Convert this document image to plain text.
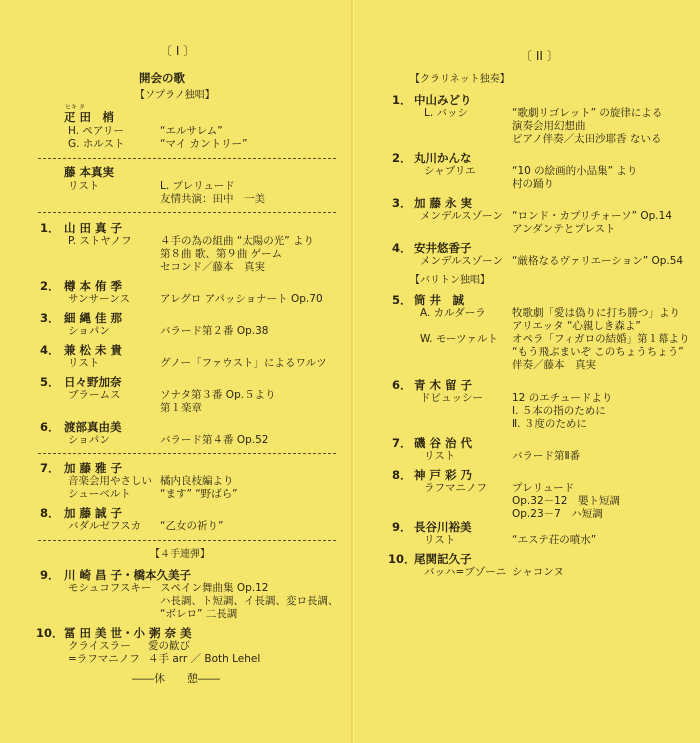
〔 I 〕
開会の歌
【ソプラノ独唱】
ヒキ タ
疋 田　梢
H. ペアリー	“エルサレム”
G. ホルスト	“マイ カントリー”
藤 本真実
リスト	L. プレリュード
友情共演：田中　一美
1． 山 田 真 子
P. ストヤノフ	４手の為の組曲 “太陽の光” より
第８曲 歌、第９曲 ゲーム
セコンド／藤本　真実
2． 樽 本 侑 季
サンサーンス	アレグロ アパッショナート Op.70
3． 細 縄 佳 那
ショパン	バラード第２番 Op.38
4． 兼 松 未 貴
リスト	グノー「ファウスト」によるワルツ
5． 日々野加奈
ブラームス	ソナタ第３番 Op.５より
第１楽章
6． 渡部真由美
ショパン	バラード第４番 Op.52
7． 加 藤 雅 子
音楽会用やさしい 橘内良枝編より
シューベルト	“ます” “野ばら”
8． 加 藤 誠 子
バダルゼフスカ “乙女の祈り”
【４手連弾】
9． 川 崎 昌 子・橋本久美子
モシュコフスキー スペイン舞曲集 Op.12
ハ長調、ト短調、イ長調、変ロ長調、
“ボレロ” 二長調
10． 冨 田 美 世・小 粥 奈 美
クライスラー 愛の歓び
=ラフマニノフ ４手 arr ／ Both Lehel
――休　　憩――
〔 II 〕
【クラリネット独奏】
1． 中山みどり
L. バッシ	“歌劇リゴレット” の旋律による
演奏会用幻想曲
ピアノ伴奏／太田沙耶香 ないる
2． 丸川かんな
シャブリエ	“10 の絵画的小品集” より
村の踊り
3． 加 藤 永 実
メンデルスゾーン “ロンド・カプリチォーソ” Op.14
アンダンテとプレスト
4． 安井悠香子
メンデルスゾーン “厳格なるヴァリエーション” Op.54
【バリトン独唱】
5． 筒 井　誠
A. カルダーラ 牧歌劇「愛は偽りに打ち勝つ」より
アリエッタ “心親しき森よ”
W. モーツァルト オペラ「フィガロの結婚」第１幕より
“もう飛ぶまいぞ このちょうちょう”
伴奏／藤本　真実
6． 青 木 留 子
ドビュッシー	12 のエチュードより
Ⅰ. ５本の指のために
Ⅱ. ３度のために
7． 磯 谷 治 代
リスト	バラード第Ⅱ番
8． 神 戸 彩 乃
ラフマニノフ プレリュード
Op.32－12　嬰ト短調
Op.23－7　ハ短調
9． 長谷川裕美
リスト	“エステ荘の噴水”
10．
尾関記久子
バッハ=ブゾーニ シャコンヌ
